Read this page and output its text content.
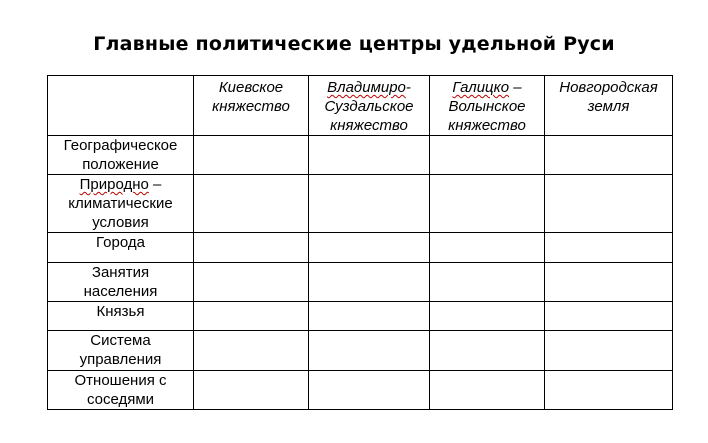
Главные политические центры удельной Руси

	Киевское
княжество	Владимиро-
Суздальское
княжество	Галицко –
Волынское
княжество	Новгородская
земля

Географическое
положение				

Природно –
климатические
условия				

Города				

Занятия
населения				

Князья				

Система
управления				

Отношения с
соседями				
